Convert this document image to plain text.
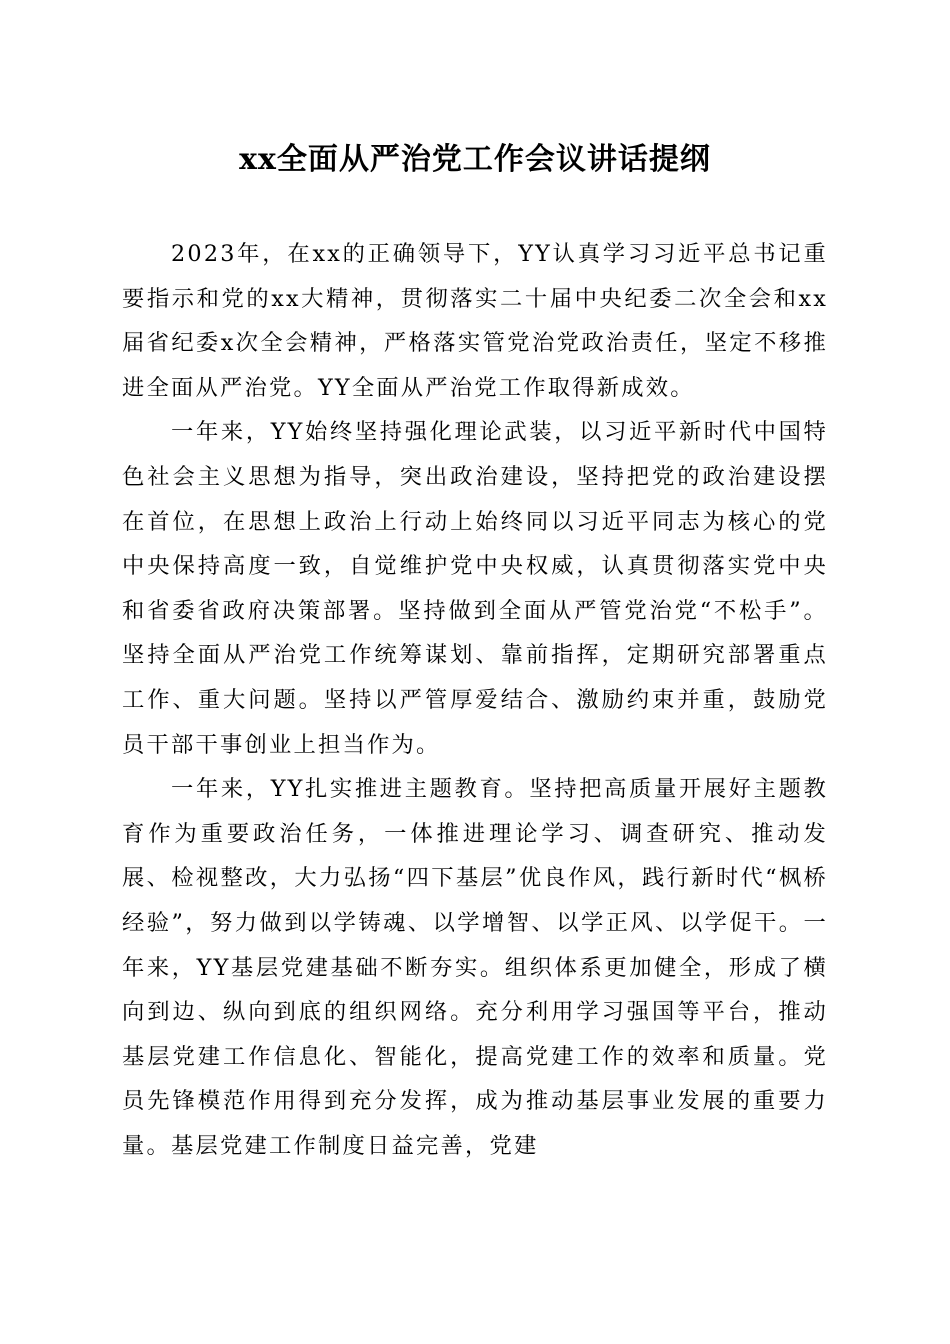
xx全面从严治党工作会议讲话提纲

2023年，在xx的正确领导下，YY认真学习习近平总书记重要指示和党的xx大精神，贯彻落实二十届中央纪委二次全会和xx届省纪委x次全会精神，严格落实管党治党政治责任，坚定不移推进全面从严治党。YY全面从严治党工作取得新成效。

一年来，YY始终坚持强化理论武装，以习近平新时代中国特色社会主义思想为指导，突出政治建设，坚持把党的政治建设摆在首位，在思想上政治上行动上始终同以习近平同志为核心的党中央保持高度一致，自觉维护党中央权威，认真贯彻落实党中央和省委省政府决策部署。坚持做到全面从严管党治党“不松手”。坚持全面从严治党工作统筹谋划、靠前指挥，定期研究部署重点工作、重大问题。坚持以严管厚爱结合、激励约束并重，鼓励党员干部干事创业上担当作为。

一年来，YY扎实推进主题教育。坚持把高质量开展好主题教育作为重要政治任务，一体推进理论学习、调查研究、推动发展、检视整改，大力弘扬“四下基层”优良作风，践行新时代“枫桥经验”，努力做到以学铸魂、以学增智、以学正风、以学促干。一年来，YY基层党建基础不断夯实。组织体系更加健全，形成了横向到边、纵向到底的组织网络。充分利用学习强国等平台，推动基层党建工作信息化、智能化，提高党建工作的效率和质量。党员先锋模范作用得到充分发挥，成为推动基层事业发展的重要力量。基层党建工作制度日益完善，党建
